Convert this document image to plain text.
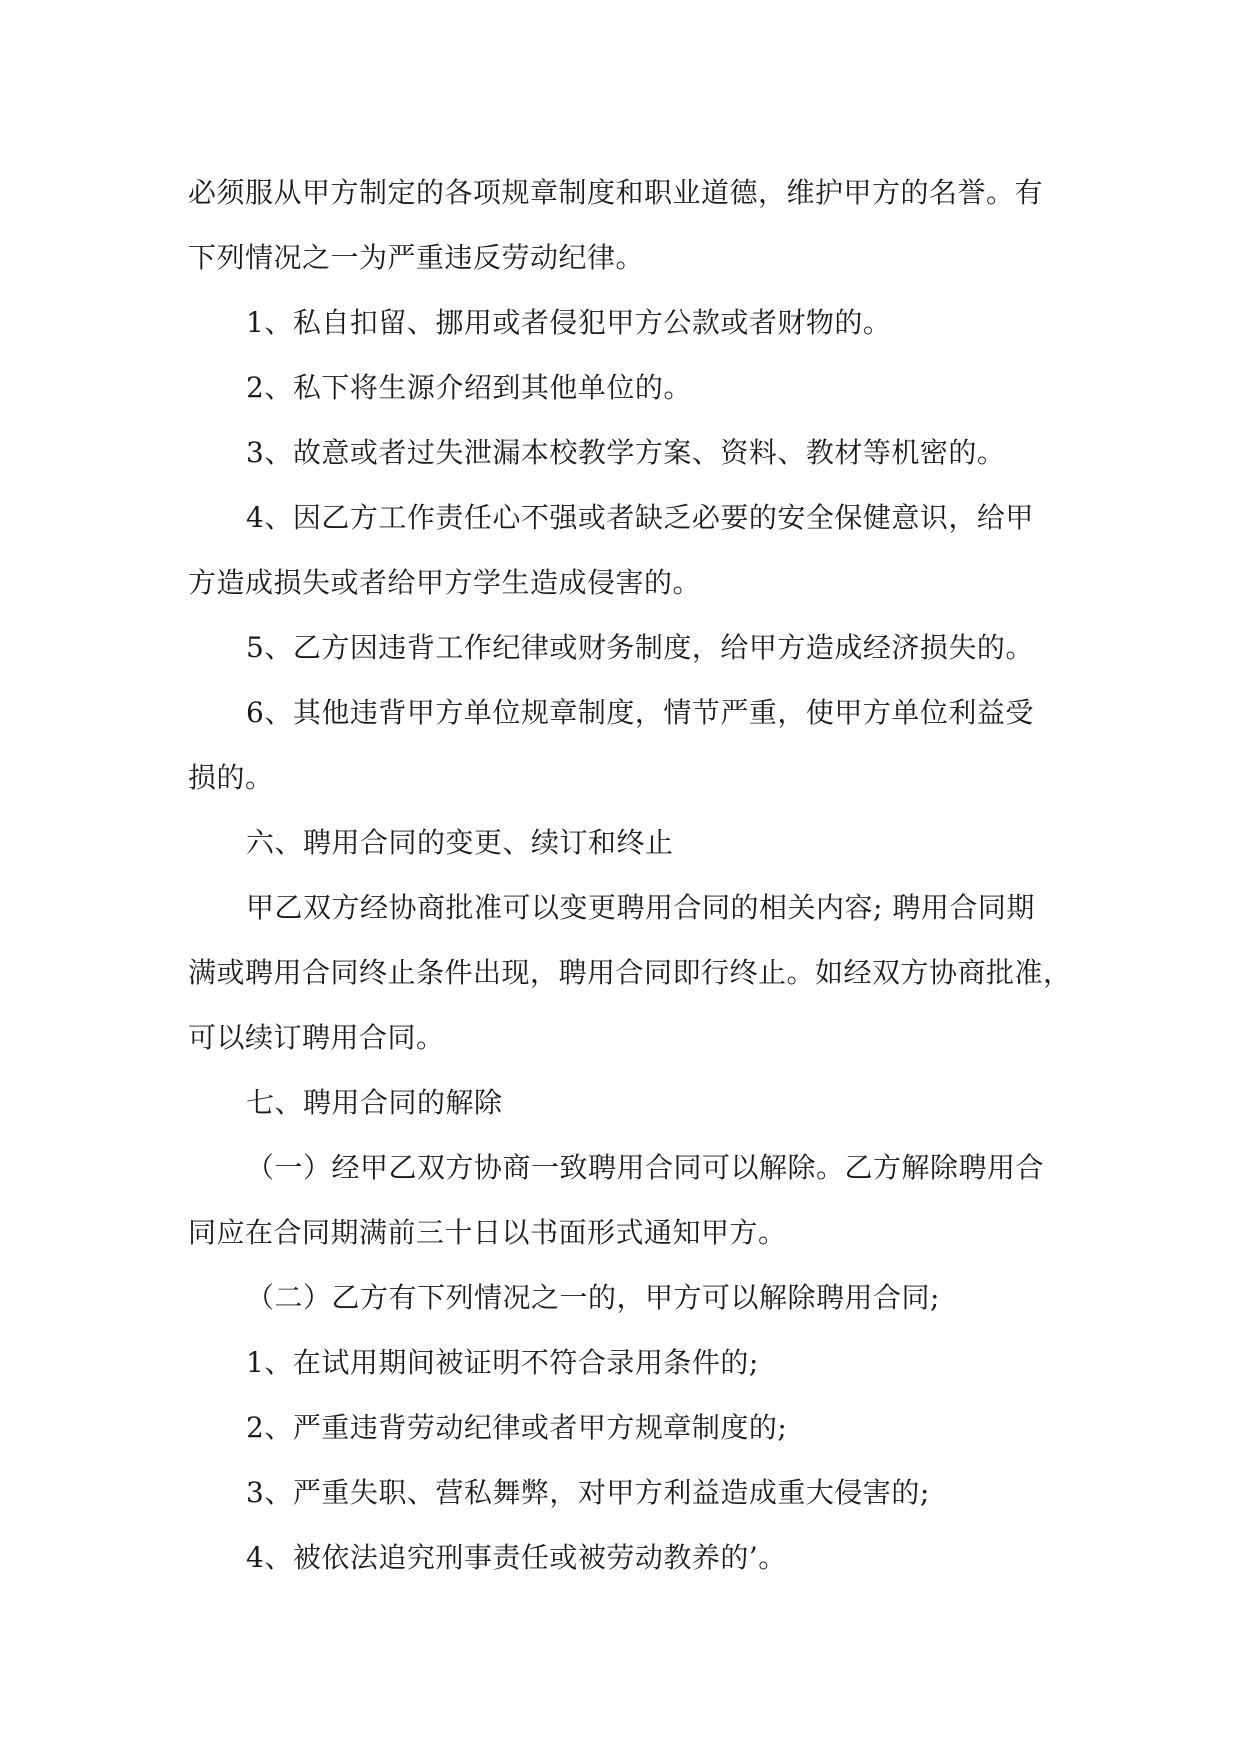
必须服从甲方制定的各项规章制度和职业道德，维护甲方的名誉。有
下列情况之一为严重违反劳动纪律。
1、私自扣留、挪用或者侵犯甲方公款或者财物的。
2、私下将生源介绍到其他单位的。
3、故意或者过失泄漏本校教学方案、资料、教材等机密的。
4、因乙方工作责任心不强或者缺乏必要的安全保健意识，给甲
方造成损失或者给甲方学生造成侵害的。
5、乙方因违背工作纪律或财务制度，给甲方造成经济损失的。
6、其他违背甲方单位规章制度，情节严重，使甲方单位利益受
损的。
六、聘用合同的变更、续订和终止
甲乙双方经协商批准可以变更聘用合同的相关内容; 聘用合同期
满或聘用合同终止条件出现，聘用合同即行终止。如经双方协商批准，
可以续订聘用合同。
七、聘用合同的解除
（一）经甲乙双方协商一致聘用合同可以解除。乙方解除聘用合
同应在合同期满前三十日以书面形式通知甲方。
（二）乙方有下列情况之一的，甲方可以解除聘用合同;
1、在试用期间被证明不符合录用条件的;
2、严重违背劳动纪律或者甲方规章制度的;
3、严重失职、营私舞弊，对甲方利益造成重大侵害的;
4、被依法追究刑事责任或被劳动教养的’。
